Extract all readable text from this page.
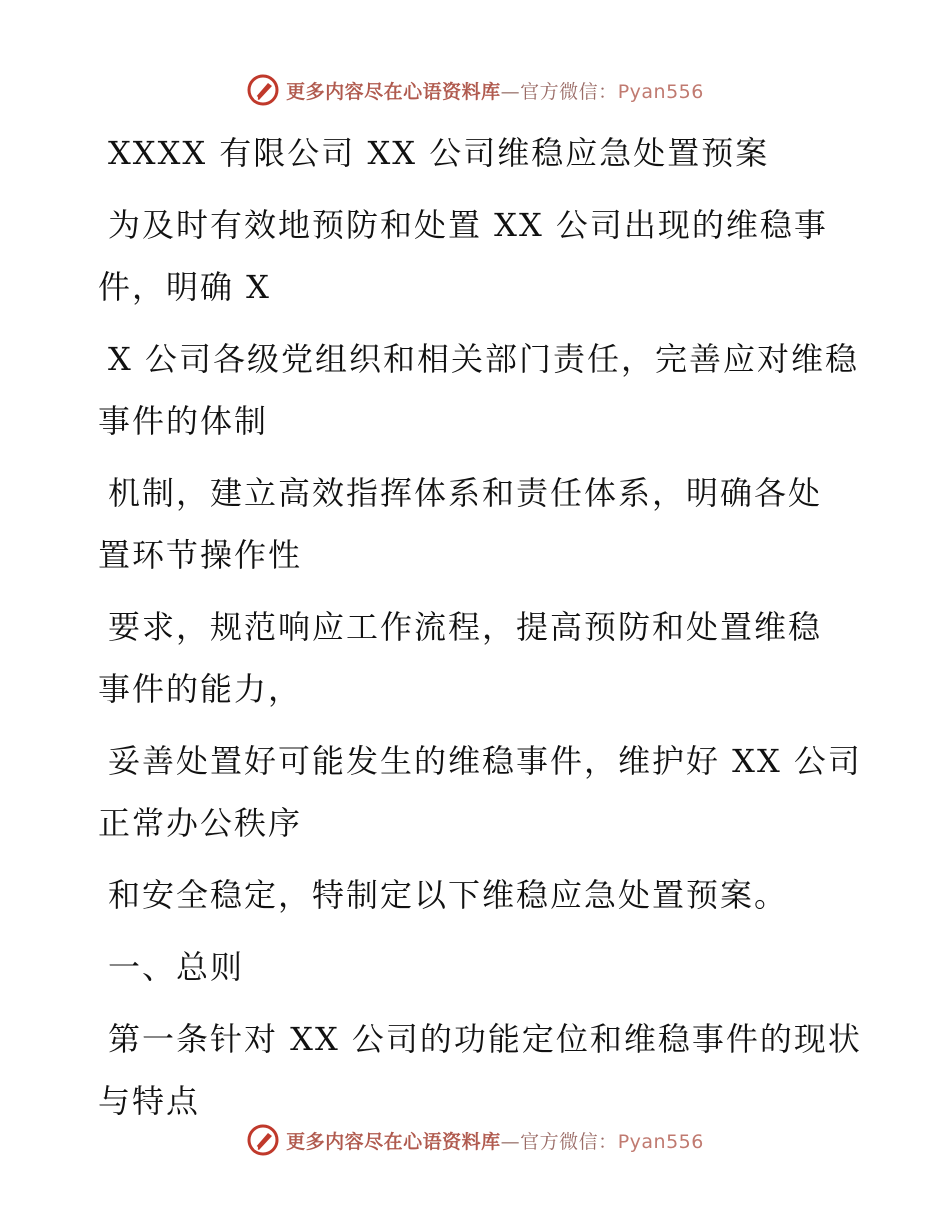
更多内容尽在心语资料库—官方微信：Pyan556

XXXX 有限公司 XX 公司维稳应急处置预案

为及时有效地预防和处置 XX 公司出现的维稳事
件，明确 X

X 公司各级党组织和相关部门责任，完善应对维稳
事件的体制

机制，建立高效指挥体系和责任体系，明确各处
置环节操作性

要求，规范响应工作流程，提高预防和处置维稳
事件的能力，

妥善处置好可能发生的维稳事件，维护好 XX 公司
正常办公秩序

和安全稳定，特制定以下维稳应急处置预案。

一、总则

第一条针对 XX 公司的功能定位和维稳事件的现状
与特点

更多内容尽在心语资料库—官方微信：Pyan556
